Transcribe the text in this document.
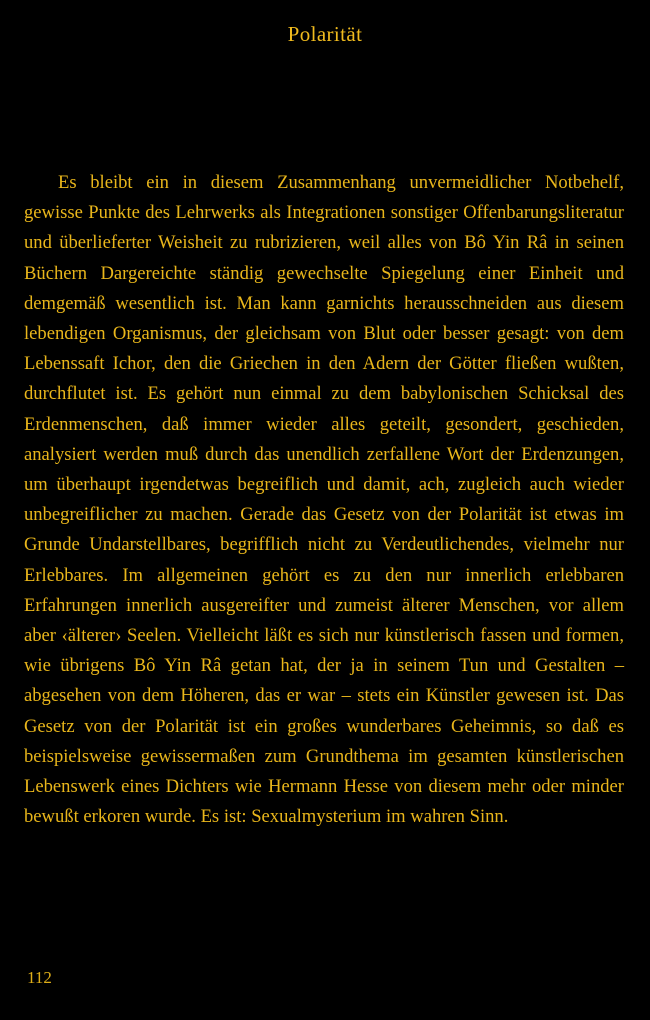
Polarität
Es bleibt ein in diesem Zusammenhang unvermeidlicher Notbehelf, gewisse Punkte des Lehrwerks als Integrationen sonstiger Offenbarungsliteratur und überlieferter Weisheit zu rubrizieren, weil alles von Bô Yin Râ in seinen Büchern Dargereichte ständig gewechselte Spiegelung einer Einheit und demgemäß wesentlich ist. Man kann garnichts herausschneiden aus diesem lebendigen Organismus, der gleichsam von Blut oder besser gesagt: von dem Lebenssaft Ichor, den die Griechen in den Adern der Götter fließen wußten, durchflutet ist. Es gehört nun einmal zu dem babylonischen Schicksal des Erdenmenschen, daß immer wieder alles geteilt, gesondert, geschieden, analysiert werden muß durch das unendlich zerfallene Wort der Erdenzungen, um überhaupt irgendetwas begreiflich und damit, ach, zugleich auch wieder unbegreiflicher zu machen. Gerade das Gesetz von der Polarität ist etwas im Grunde Undarstellbares, begrifflich nicht zu Verdeutlichendes, vielmehr nur Erlebbares. Im allgemeinen gehört es zu den nur innerlich erlebbaren Erfahrungen innerlich ausgereifter und zumeist älterer Menschen, vor allem aber ‹älterer› Seelen. Vielleicht läßt es sich nur künstlerisch fassen und formen, wie übrigens Bô Yin Râ getan hat, der ja in seinem Tun und Gestalten – abgesehen von dem Höheren, das er war – stets ein Künstler gewesen ist. Das Gesetz von der Polarität ist ein großes wunderbares Geheimnis, so daß es beispielsweise gewissermaßen zum Grundthema im gesamten künstlerischen Lebenswerk eines Dichters wie Hermann Hesse von diesem mehr oder minder bewußt erkoren wurde. Es ist: Sexualmysterium im wahren Sinn.
112
